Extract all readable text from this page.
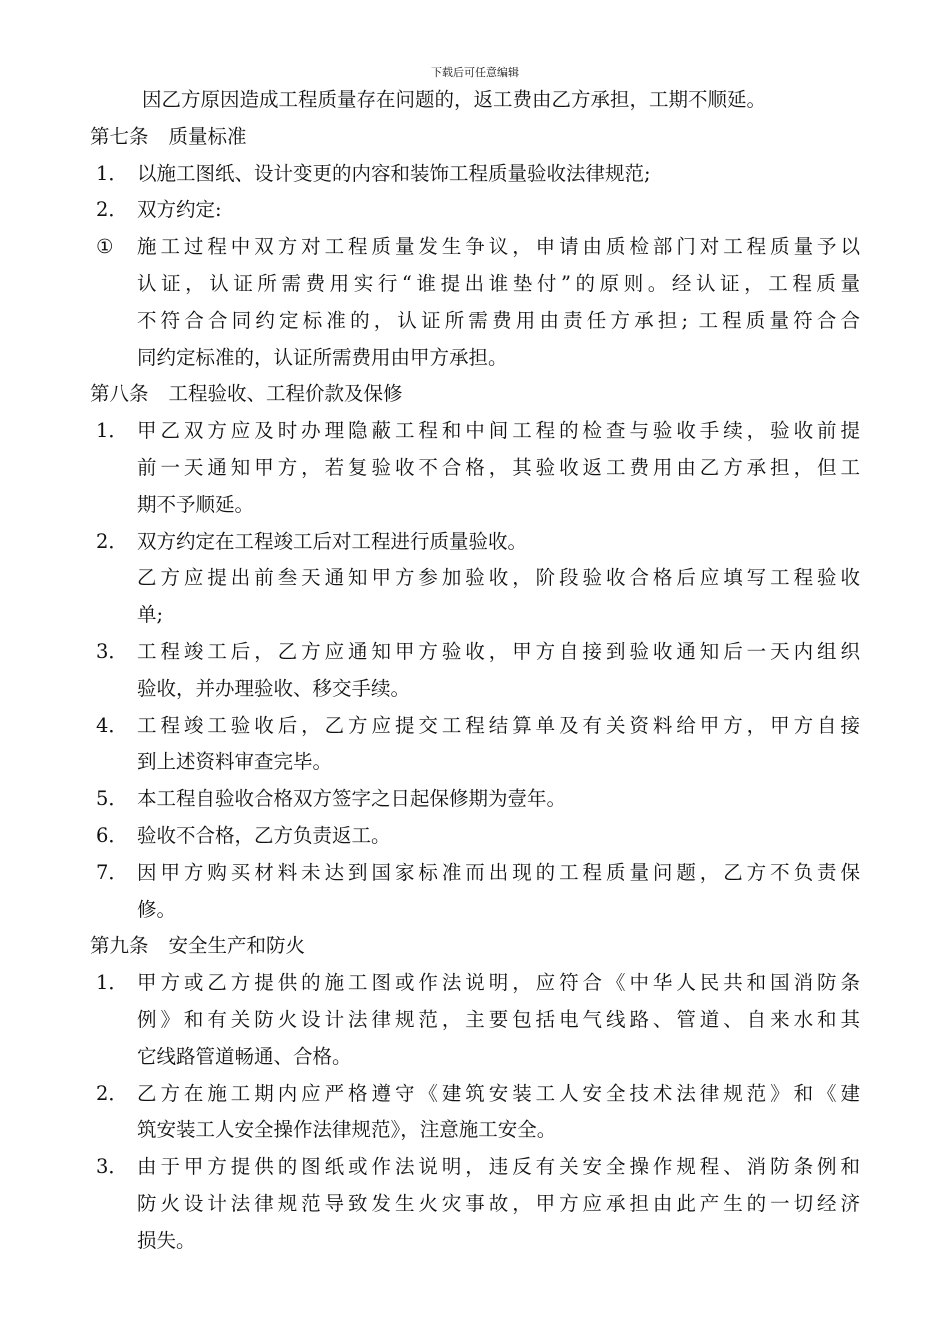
下载后可任意编辑
因乙方原因造成工程质量存在问题的，返工费由乙方承担，工期不顺延。
第七条 质量标准
1． 以施工图纸、设计变更的内容和装饰工程质量验收法律规范;
2． 双方约定:
①	施工过程中双方对工程质量发生争议，申请由质检部门对工程质量予以
认证，认证所需费用实行“谁提出谁垫付”的原则。经认证，工程质量
不符合合同约定标准的，认证所需费用由责任方承担; 工程质量符合合
同约定标准的，认证所需费用由甲方承担。
第八条 工程验收、工程价款及保修
1． 甲乙双方应及时办理隐蔽工程和中间工程的检查与验收手续，验收前提
前一天通知甲方，若复验收不合格，其验收返工费用由乙方承担，但工
期不予顺延。
2． 双方约定在工程竣工后对工程进行质量验收。
乙方应提出前叁天通知甲方参加验收，阶段验收合格后应填写工程验收
单;
3． 工程竣工后，乙方应通知甲方验收，甲方自接到验收通知后一天内组织
验收，并办理验收、移交手续。
4． 工程竣工验收后，乙方应提交工程结算单及有关资料给甲方，甲方自接
到上述资料审查完毕。
5． 本工程自验收合格双方签字之日起保修期为壹年。
6． 验收不合格，乙方负责返工。
7． 因甲方购买材料未达到国家标准而出现的工程质量问题，乙方不负责保
修。
第九条 安全生产和防火
1． 甲方或乙方提供的施工图或作法说明，应符合《中华人民共和国消防条
例》和有关防火设计法律规范，主要包括电气线路、管道、自来水和其
它线路管道畅通、合格。
2． 乙方在施工期内应严格遵守《建筑安装工人安全技术法律规范》和《建
筑安装工人安全操作法律规范》，注意施工安全。
3． 由于甲方提供的图纸或作法说明，违反有关安全操作规程、消防条例和
防火设计法律规范导致发生火灾事故，甲方应承担由此产生的一切经济
损失。
